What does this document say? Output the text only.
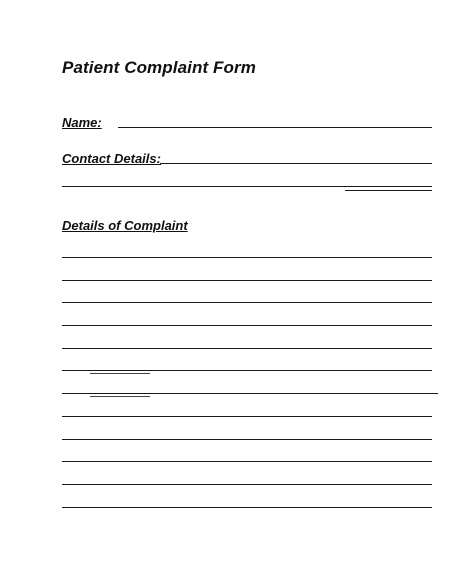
Patient Complaint Form
Name:
Contact Details:
Details of Complaint
